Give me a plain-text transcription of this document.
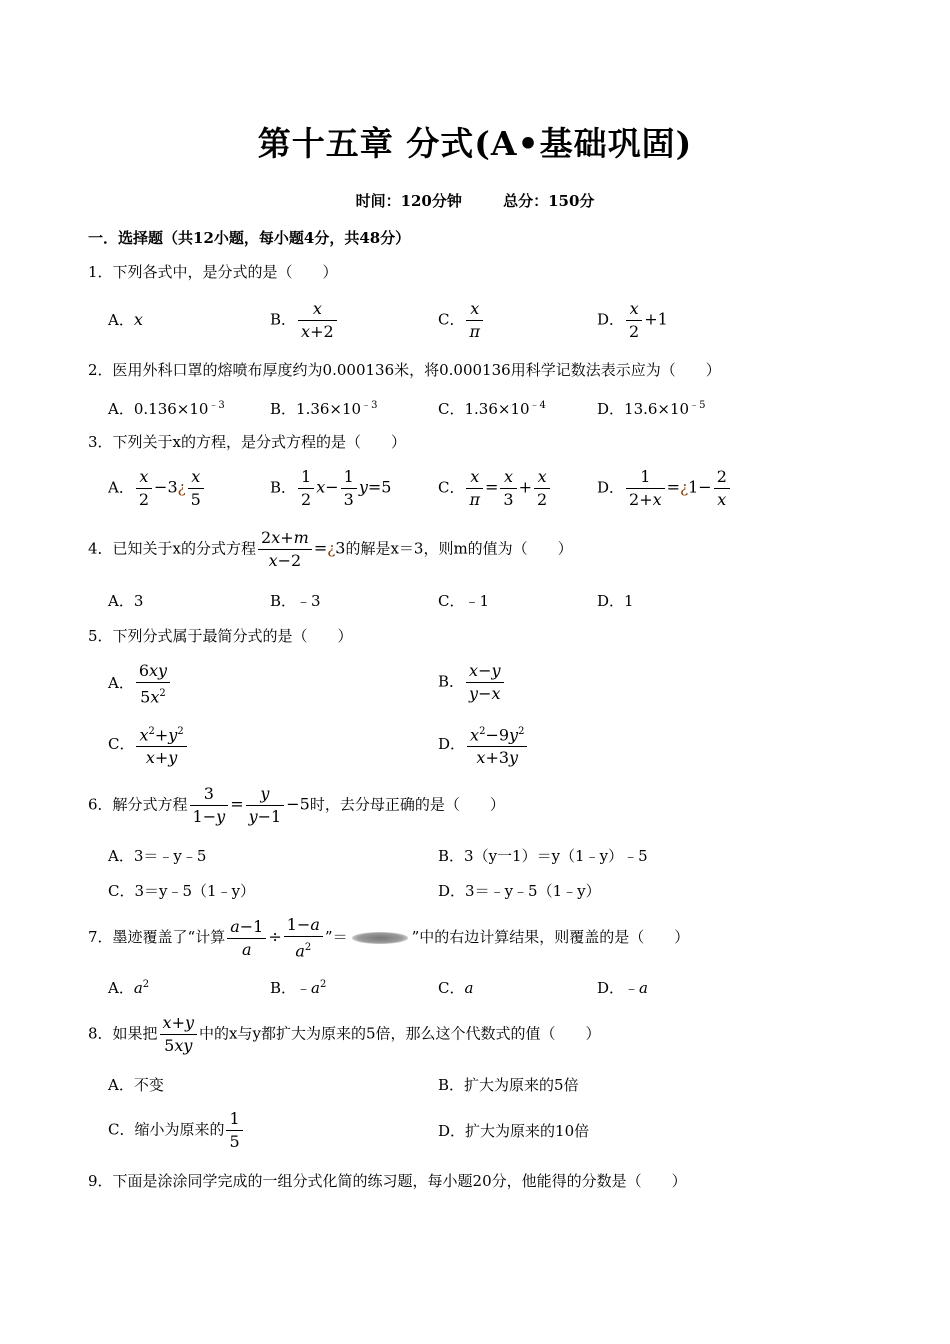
第十五章 分式(A•基础巩固)
时间：120分钟	总分：150分
一．选择题（共12小题，每小题4分，共48分）
1．下列各式中，是分式的是（　　）
A．x	B． $\frac{x}{x+2}$	C． $\frac{x}{\pi}$	D． $\frac{x}{2} +1$
2．医用外科口罩的熔喷布厚度约为0.000136米，将0.000136用科学记数法表示应为（　　）
A．$0.136\times 10^{﹣3}$	B．$1.36\times 10^{﹣3}$	C．$1.36\times 10^{﹣4}$	D．$13.6\times 10^{﹣5}$
3．下列关于x的方程，是分式方程的是（　　）
A． $\frac{x}{2}$ −3¿ $\frac{x}{5}$	B． $\frac{1}{2} x- \frac{1}{3} y=5$	C． $\frac{x}{\pi} = \frac{x}{3} + \frac{x}{2}$	D． $\frac{1}{2+x}$ =¿1− $\frac{2}{x}$
4．已知关于x的分式方程 $\frac{2x+m}{x-2}$ =¿3的解是x＝3，则m的值为（　　）
A．3	B．﹣3	C．﹣1	D．1
5．下列分式属于最简分式的是（　　）
A． $\frac{6xy}{5x^2}$	B． $\frac{x-y}{y-x}$
C． $\frac{x^2+y^2}{x+y}$	D． $\frac{x^2-9y^2}{x+3y}$
6．解分式方程 $\frac{3}{1-y} = \frac{y}{y-1} -5$时，去分母正确的是（　　）
A．3＝﹣y﹣5	B．3（y一1）＝y（1﹣y）﹣5
C．3＝y﹣5（1﹣y）	D．3＝﹣y﹣5（1﹣y）
7．墨迹覆盖了“计算 $\frac{a-1}{a} \div \frac{1-a}{a^2}$ ”＝	”中的右边计算结果，则覆盖的是（　　）
A．$a^2$	B．$﹣a^2$	C．a	D．﹣a
8．如果把 $\frac{x+y}{5xy}$ 中的x与y都扩大为原来的5倍，那么这个代数式的值（　　）
A．不变	B．扩大为原来的5倍
C．缩小为原来的 $\frac{1}{5}$	D．扩大为原来的10倍
9．下面是涂涂同学完成的一组分式化简的练习题，每小题20分，他能得的分数是（　　）
